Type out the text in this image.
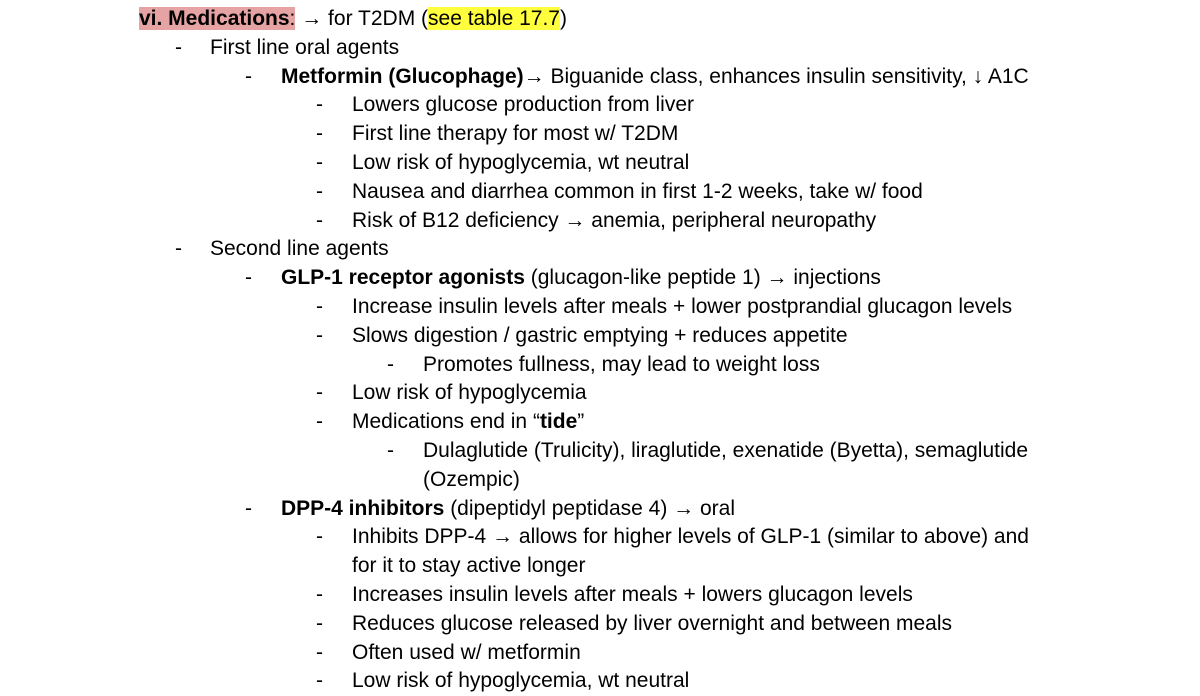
vi. Medications: → for T2DM (see table 17.7)
- First line oral agents
- Metformin (Glucophage)→ Biguanide class, enhances insulin sensitivity, ↓ A1C
- Lowers glucose production from liver
- First line therapy for most w/ T2DM
- Low risk of hypoglycemia, wt neutral
- Nausea and diarrhea common in first 1-2 weeks, take w/ food
- Risk of B12 deficiency → anemia, peripheral neuropathy
- Second line agents
- GLP-1 receptor agonists (glucagon-like peptide 1) → injections
- Increase insulin levels after meals + lower postprandial glucagon levels
- Slows digestion / gastric emptying + reduces appetite
- Promotes fullness, may lead to weight loss
- Low risk of hypoglycemia
- Medications end in “tide”
- Dulaglutide (Trulicity), liraglutide, exenatide (Byetta), semaglutide
(Ozempic)
- DPP-4 inhibitors (dipeptidyl peptidase 4) → oral
- Inhibits DPP-4 → allows for higher levels of GLP-1 (similar to above) and
for it to stay active longer
- Increases insulin levels after meals + lowers glucagon levels
- Reduces glucose released by liver overnight and between meals
- Often used w/ metformin
- Low risk of hypoglycemia, wt neutral
